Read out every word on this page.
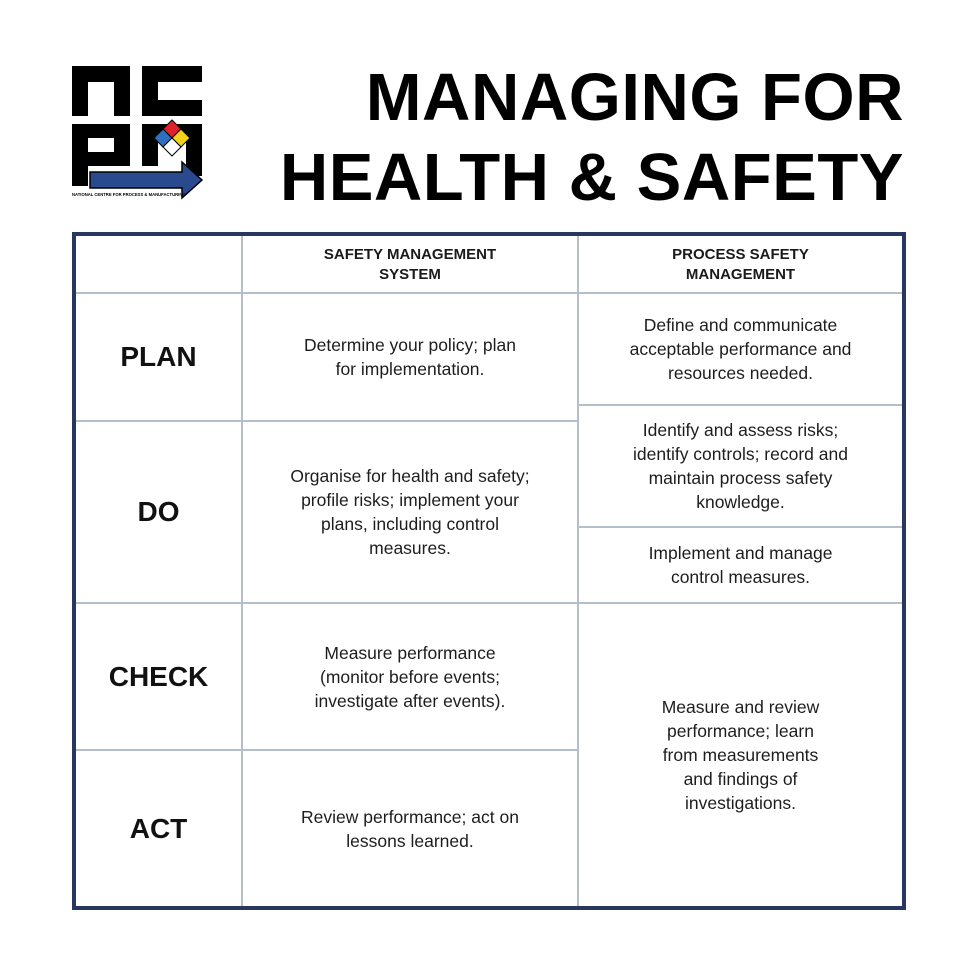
NATIONAL CENTRE FOR PROCESS & MANUFACTURING
MANAGING FOR
HEALTH & SAFETY
SAFETY MANAGEMENT SYSTEM
PROCESS SAFETY MANAGEMENT
PLAN
DO
CHECK
ACT
Determine your policy; plan for implementation.
Organise for health and safety; profile risks; implement your plans, including control measures.
Measure performance (monitor before events; investigate after events).
Review performance; act on lessons learned.
Define and communicate acceptable performance and resources needed.
Identify and assess risks; identify controls; record and maintain process safety knowledge.
Implement and manage control measures.
Measure and review performance; learn from measurements and findings of investigations.
